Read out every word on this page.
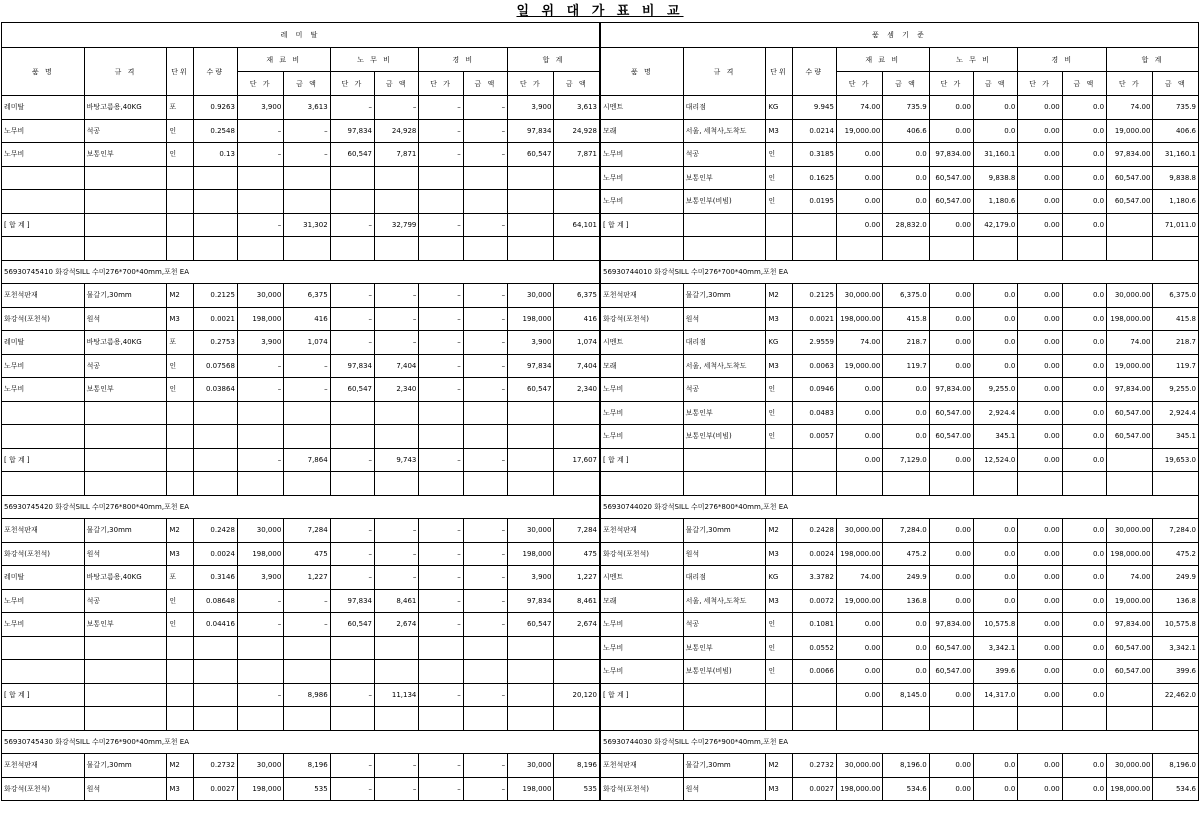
일 위 대 가 표 비 교
레 미 탈											
품 명	규 격	단위	수량	재 료 비		노 무 비		경 비		합 계	
				단 가	금 액	단 가	금 액	단 가	금 액	단 가	금 액
레미탈	바탕고름용,40KG	포	0.9263	3,900	3,613	–	–	–	–	3,900	3,613
노무비	석공	인	0.2548	–	–	97,834	24,928	–	–	97,834	24,928
노무비	보통인부	인	0.13	–	–	60,547	7,871	–	–	60,547	7,871

[ 합 계 ]				–	31,302	–	32,799	–	–		64,101

56930745410 화강석SILL 수미276*700*40mm,포천 EA											
포천석판재	물갈기,30mm	M2	0.2125	30,000	6,375	–	–	–	–	30,000	6,375
화강석(포천석)	원석	M3	0.0021	198,000	416	–	–	–	–	198,000	416
레미탈	바탕고름용,40KG	포	0.2753	3,900	1,074	–	–	–	–	3,900	1,074
노무비	석공	인	0.07568	–	–	97,834	7,404	–	–	97,834	7,404
노무비	보통인부	인	0.03864	–	–	60,547	2,340	–	–	60,547	2,340

[ 합 계 ]				–	7,864	–	9,743	–	–		17,607

56930745420 화강석SILL 수미276*800*40mm,포천 EA											
포천석판재	물갈기,30mm	M2	0.2428	30,000	7,284	–	–	–	–	30,000	7,284
화강석(포천석)	원석	M3	0.0024	198,000	475	–	–	–	–	198,000	475
레미탈	바탕고름용,40KG	포	0.3146	3,900	1,227	–	–	–	–	3,900	1,227
노무비	석공	인	0.08648	–	–	97,834	8,461	–	–	97,834	8,461
노무비	보통인부	인	0.04416	–	–	60,547	2,674	–	–	60,547	2,674

[ 합 계 ]				–	8,986	–	11,134	–	–		20,120

56930745430 화강석SILL 수미276*900*40mm,포천 EA											
포천석판재	물갈기,30mm	M2	0.2732	30,000	8,196	–	–	–	–	30,000	8,196
화강석(포천석)	원석	M3	0.0027	198,000	535	–	–	–	–	198,000	535
품 셈 기 준											
품 명	규 격	단위	수량	재 료 비		노 무 비		경 비		합 계	
				단 가	금 액	단 가	금 액	단 가	금 액	단 가	금 액
시멘트	대리점	KG	9.945	74.00	735.9	0.00	0.0	0.00	0.0	74.00	735.9
모래	서울, 세척사,도착도	M3	0.0214	19,000.00	406.6	0.00	0.0	0.00	0.0	19,000.00	406.6
노무비	석공	인	0.3185	0.00	0.0	97,834.00	31,160.1	0.00	0.0	97,834.00	31,160.1
노무비	보통인부	인	0.1625	0.00	0.0	60,547.00	9,838.8	0.00	0.0	60,547.00	9,838.8
노무비	보통인부(비빔)	인	0.0195	0.00	0.0	60,547.00	1,180.6	0.00	0.0	60,547.00	1,180.6
[ 합 계 ]				0.00	28,832.0	0.00	42,179.0	0.00	0.0		71,011.0

56930744010 화강석SILL 수미276*700*40mm,포천 EA											
포천석판재	물갈기,30mm	M2	0.2125	30,000.00	6,375.0	0.00	0.0	0.00	0.0	30,000.00	6,375.0
화강석(포천석)	원석	M3	0.0021	198,000.00	415.8	0.00	0.0	0.00	0.0	198,000.00	415.8
시멘트	대리점	KG	2.9559	74.00	218.7	0.00	0.0	0.00	0.0	74.00	218.7
모래	서울, 세척사,도착도	M3	0.0063	19,000.00	119.7	0.00	0.0	0.00	0.0	19,000.00	119.7
노무비	석공	인	0.0946	0.00	0.0	97,834.00	9,255.0	0.00	0.0	97,834.00	9,255.0
노무비	보통인부	인	0.0483	0.00	0.0	60,547.00	2,924.4	0.00	0.0	60,547.00	2,924.4
노무비	보통인부(비빔)	인	0.0057	0.00	0.0	60,547.00	345.1	0.00	0.0	60,547.00	345.1
[ 합 계 ]				0.00	7,129.0	0.00	12,524.0	0.00	0.0		19,653.0

56930744020 화강석SILL 수미276*800*40mm,포천 EA											
포천석판재	물갈기,30mm	M2	0.2428	30,000.00	7,284.0	0.00	0.0	0.00	0.0	30,000.00	7,284.0
화강석(포천석)	원석	M3	0.0024	198,000.00	475.2	0.00	0.0	0.00	0.0	198,000.00	475.2
시멘트	대리점	KG	3.3782	74.00	249.9	0.00	0.0	0.00	0.0	74.00	249.9
모래	서울, 세척사,도착도	M3	0.0072	19,000.00	136.8	0.00	0.0	0.00	0.0	19,000.00	136.8
노무비	석공	인	0.1081	0.00	0.0	97,834.00	10,575.8	0.00	0.0	97,834.00	10,575.8
노무비	보통인부	인	0.0552	0.00	0.0	60,547.00	3,342.1	0.00	0.0	60,547.00	3,342.1
노무비	보통인부(비빔)	인	0.0066	0.00	0.0	60,547.00	399.6	0.00	0.0	60,547.00	399.6
[ 합 계 ]				0.00	8,145.0	0.00	14,317.0	0.00	0.0		22,462.0

56930744030 화강석SILL 수미276*900*40mm,포천 EA											
포천석판재	물갈기,30mm	M2	0.2732	30,000.00	8,196.0	0.00	0.0	0.00	0.0	30,000.00	8,196.0
화강석(포천석)	원석	M3	0.0027	198,000.00	534.6	0.00	0.0	0.00	0.0	198,000.00	534.6
